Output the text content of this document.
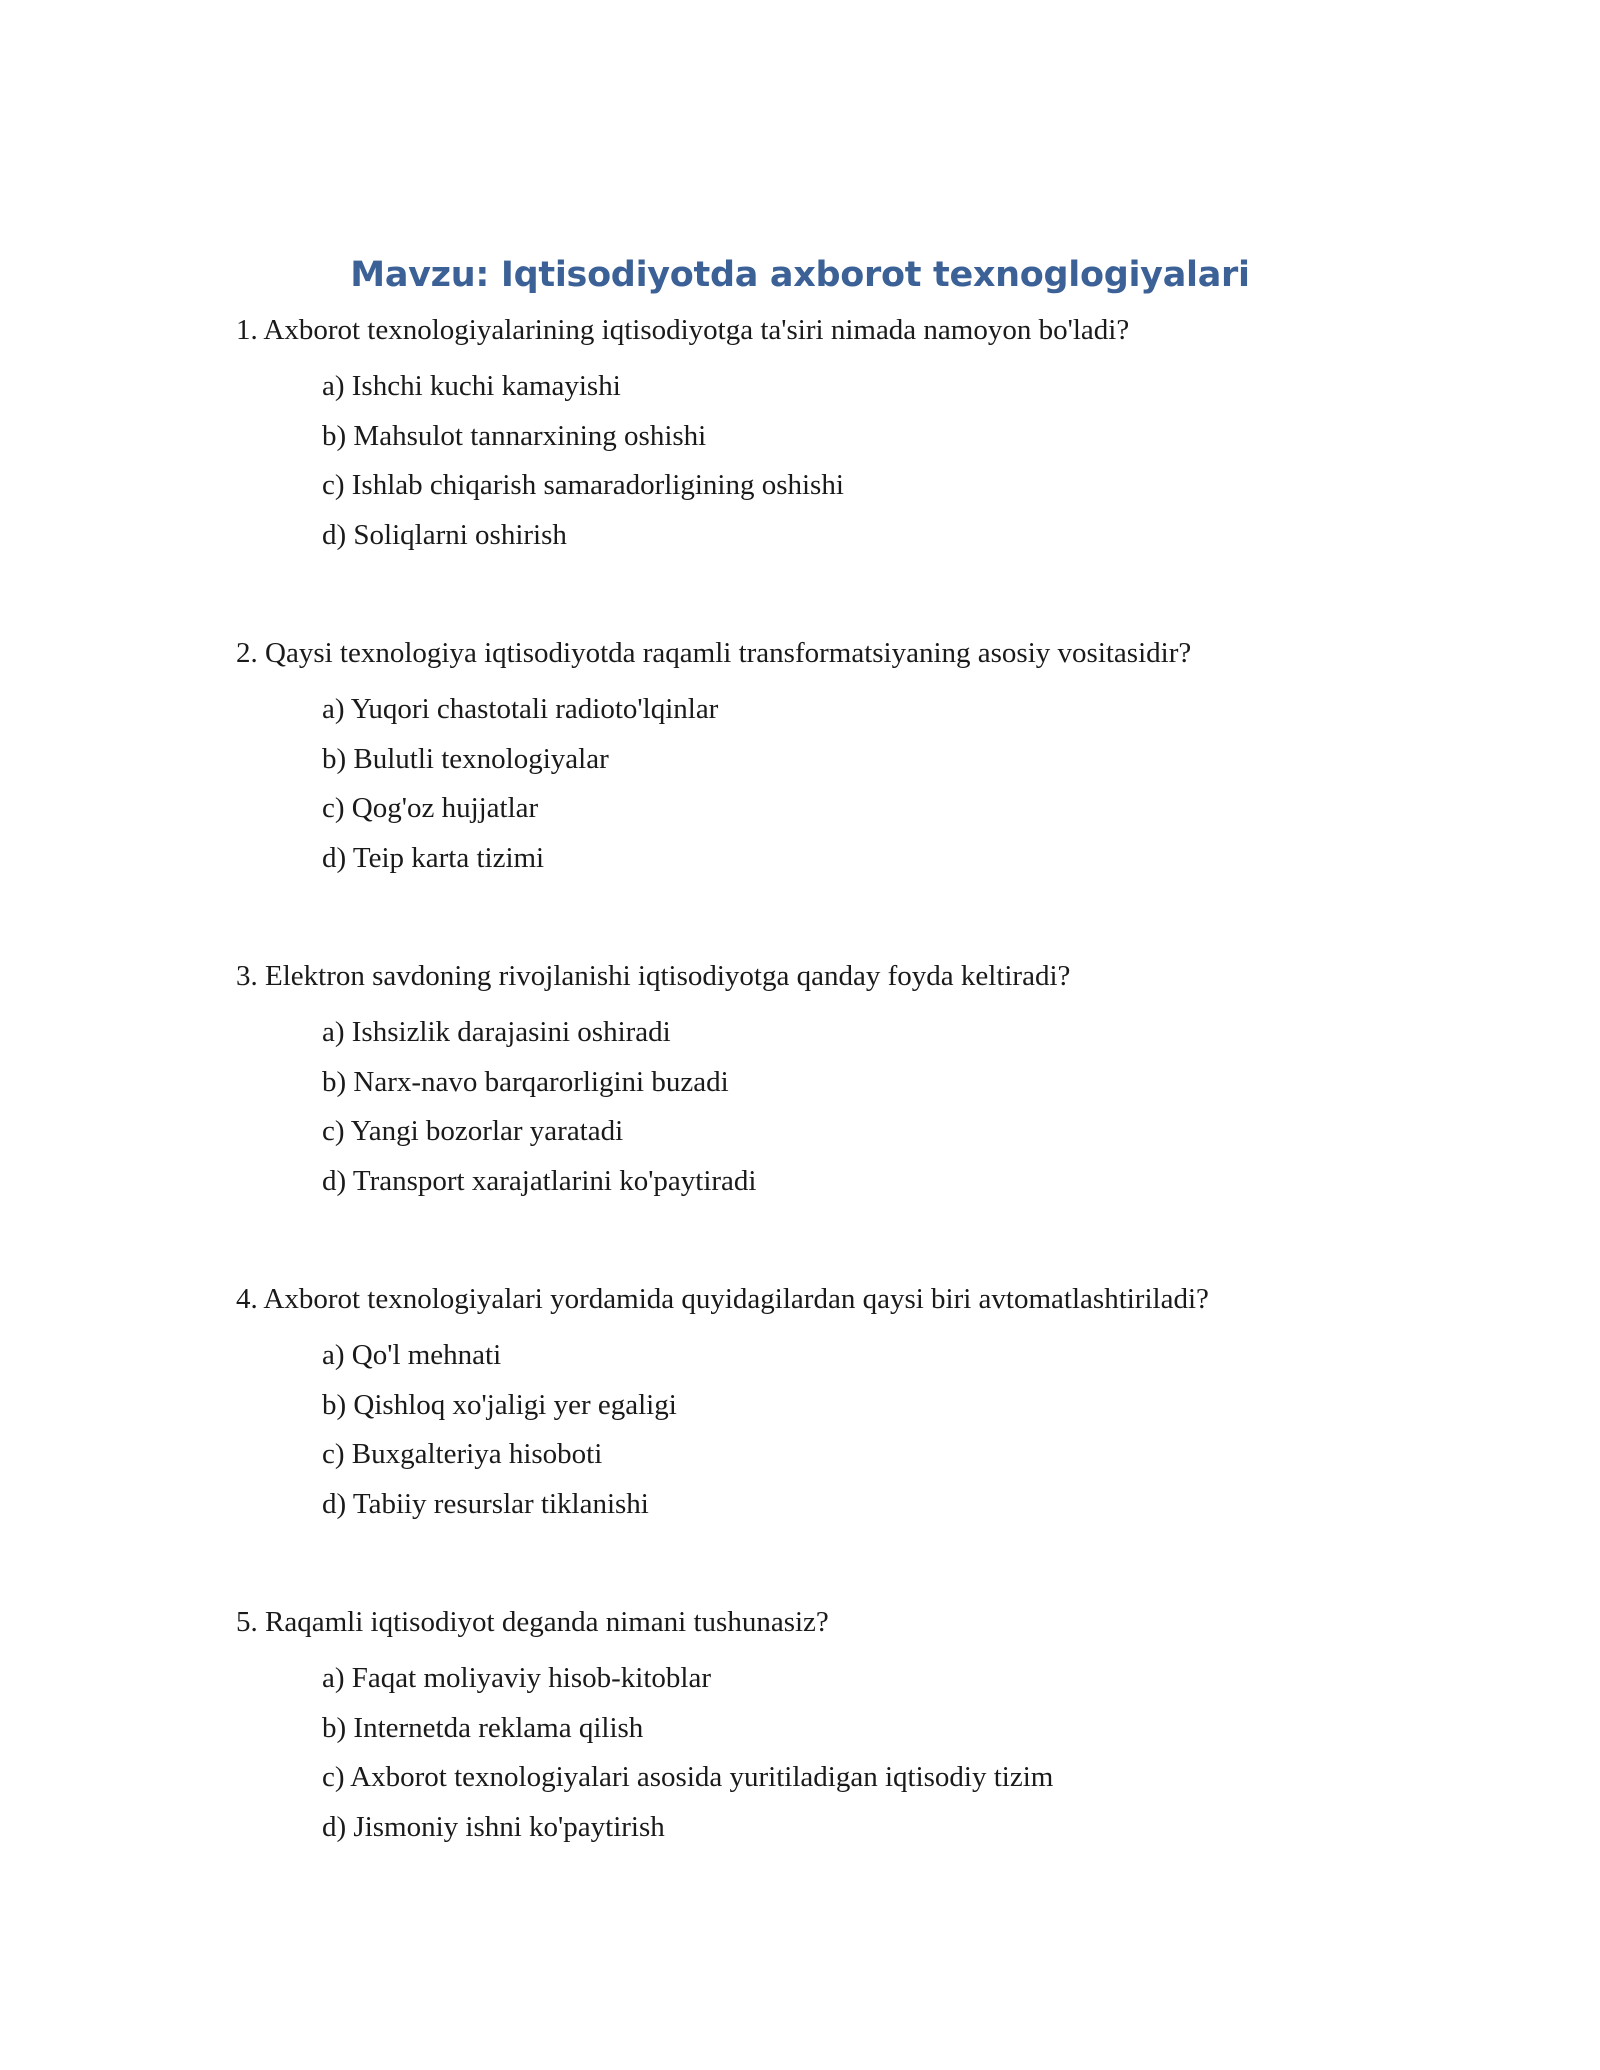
Mavzu: Iqtisodiyotda axborot texnoglogiyalari
1. Axborot texnologiyalarining iqtisodiyotga ta'siri nimada namoyon bo'ladi?
a) Ishchi kuchi kamayishi
b) Mahsulot tannarxining oshishi
c) Ishlab chiqarish samaradorligining oshishi
d) Soliqlarni oshirish
2. Qaysi texnologiya iqtisodiyotda raqamli transformatsiyaning asosiy vositasidir?
a) Yuqori chastotali radioto'lqinlar
b) Bulutli texnologiyalar
c) Qog'oz hujjatlar
d) Teip karta tizimi
3. Elektron savdoning rivojlanishi iqtisodiyotga qanday foyda keltiradi?
a) Ishsizlik darajasini oshiradi
b) Narx-navo barqarorligini buzadi
c) Yangi bozorlar yaratadi
d) Transport xarajatlarini ko'paytiradi
4. Axborot texnologiyalari yordamida quyidagilardan qaysi biri avtomatlashtiriladi?
a) Qo'l mehnati
b) Qishloq xo'jaligi yer egaligi
c) Buxgalteriya hisoboti
d) Tabiiy resurslar tiklanishi
5. Raqamli iqtisodiyot deganda nimani tushunasiz?
a) Faqat moliyaviy hisob-kitoblar
b) Internetda reklama qilish
c) Axborot texnologiyalari asosida yuritiladigan iqtisodiy tizim
d) Jismoniy ishni ko'paytirish
